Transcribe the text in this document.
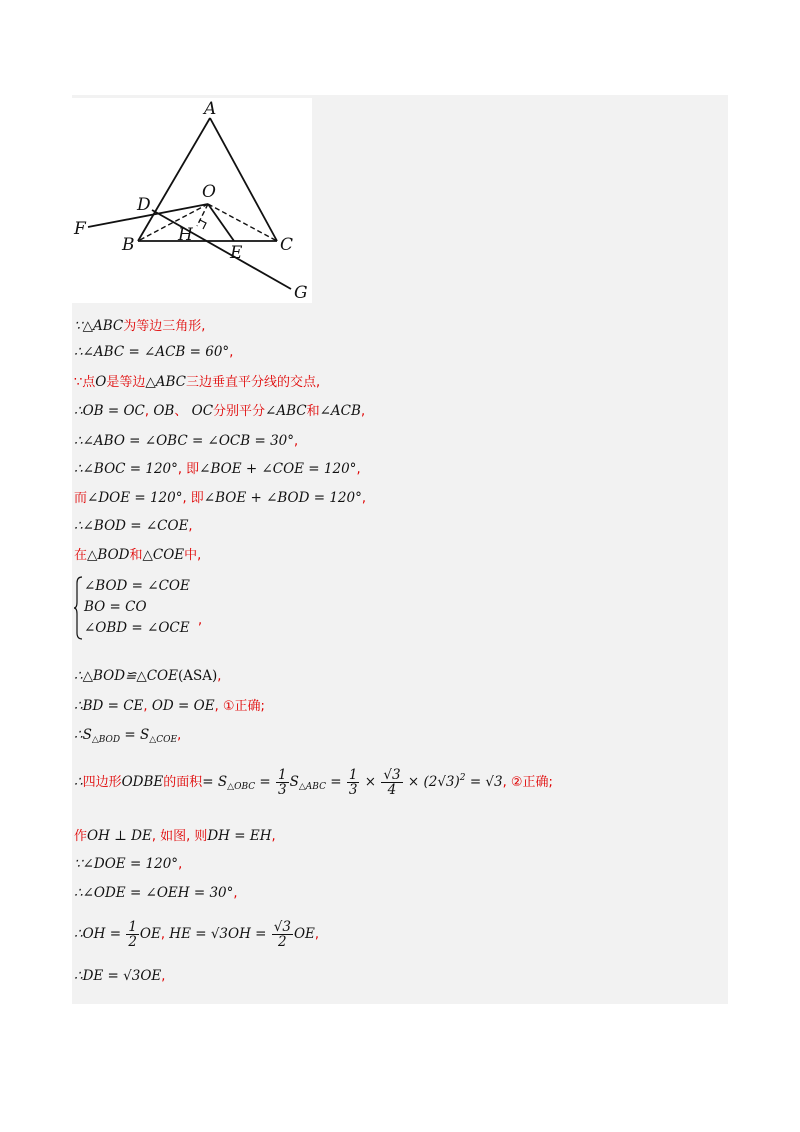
A
O
D
F
B	H
E C
G
∵△ABC为等边三角形,
∴∠ABC = ∠ACB = 60°,
∵点O是等边△ABC三边垂直平分线的交点,
∴OB = OC, OB、 OC分别平分∠ABC和∠ACB,
∴∠ABO = ∠OBC = ∠OCB = 30°,
∴∠BOC = 120°, 即∠BOE + ∠COE = 120°,
而∠DOE = 120°, 即∠BOE + ∠BOD = 120°,
∴∠BOD = ∠COE,
在△BOD和△COE中,
∠BOD = ∠COE
BO = CO
∠OBD = ∠OCE ,
∴△BOD≌△COE(ASA),
∴BD = CE, OD = OE, ①正确;
$\therefore S_{\triangle BOD} = S_{\triangle COE}$,
∴四边形ODBE的面积= $S_{\triangle OBC} = \frac{1}{3} S_{\triangle ABC} = \frac{1}{3} \times \frac{√3}{4} \times (2√3)^2 = √3$, ②正确;
作OH ⊥ DE, 如图, 则DH = EH,
∵∠DOE = 120°,
∴∠ODE = ∠OEH = 30°,
∴OH = $\frac{1}{2}$ OE, HE = $√3OH = \frac{√3}{2}$ OE,
∴DE = √3OE,
